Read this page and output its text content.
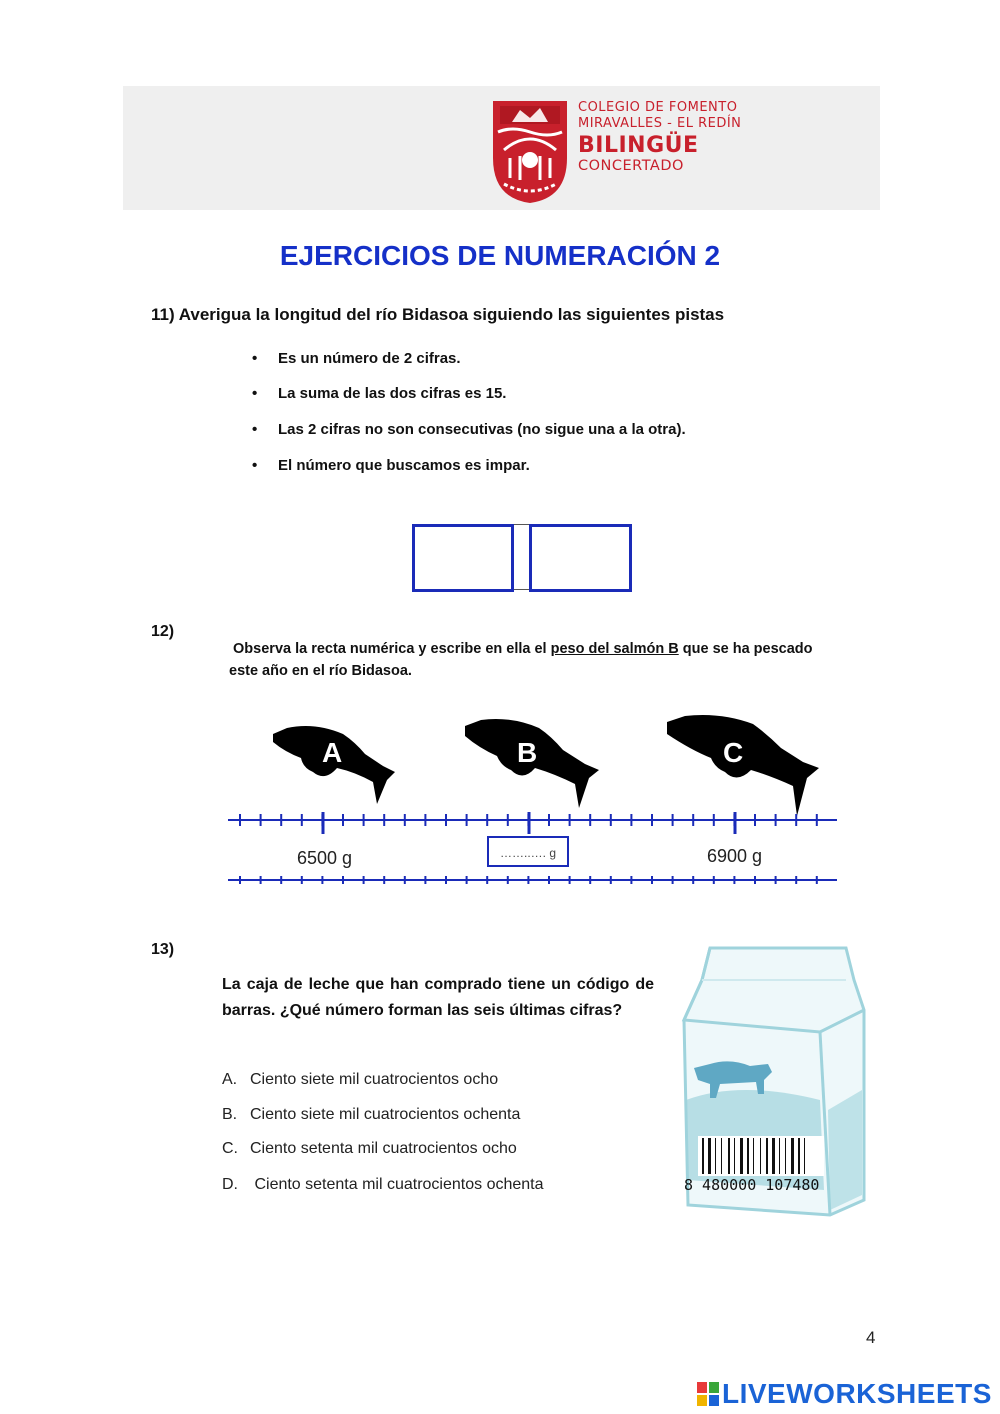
COLEGIO DE FOMENTO
MIRAVALLES - EL REDÍN
BILINGÜE
CONCERTADO
EJERCICIOS DE NUMERACIÓN 2
11) Averigua la longitud del río Bidasoa siguiendo las siguientes pistas
• Es un número de 2 cifras.
• La suma de las dos cifras es 15.
• Las 2 cifras no son consecutivas (no sigue una a la otra).
• El número que buscamos es impar.
12)
Observa la recta numérica y escribe en ella el peso del salmón B que se ha pescado este año en el río Bidasoa.
A	B	C
6500 g	6900 g
……..…. g
13)
La caja de leche que han comprado tiene un código de barras. ¿Qué número forman las seis últimas cifras?
A. Ciento siete mil cuatrocientos ocho
B. Ciento siete mil cuatrocientos ochenta
C. Ciento setenta mil cuatrocientos ocho
D. Ciento setenta mil cuatrocientos ochenta	8 480000 107480
4
LIVEWORKSHEETS
